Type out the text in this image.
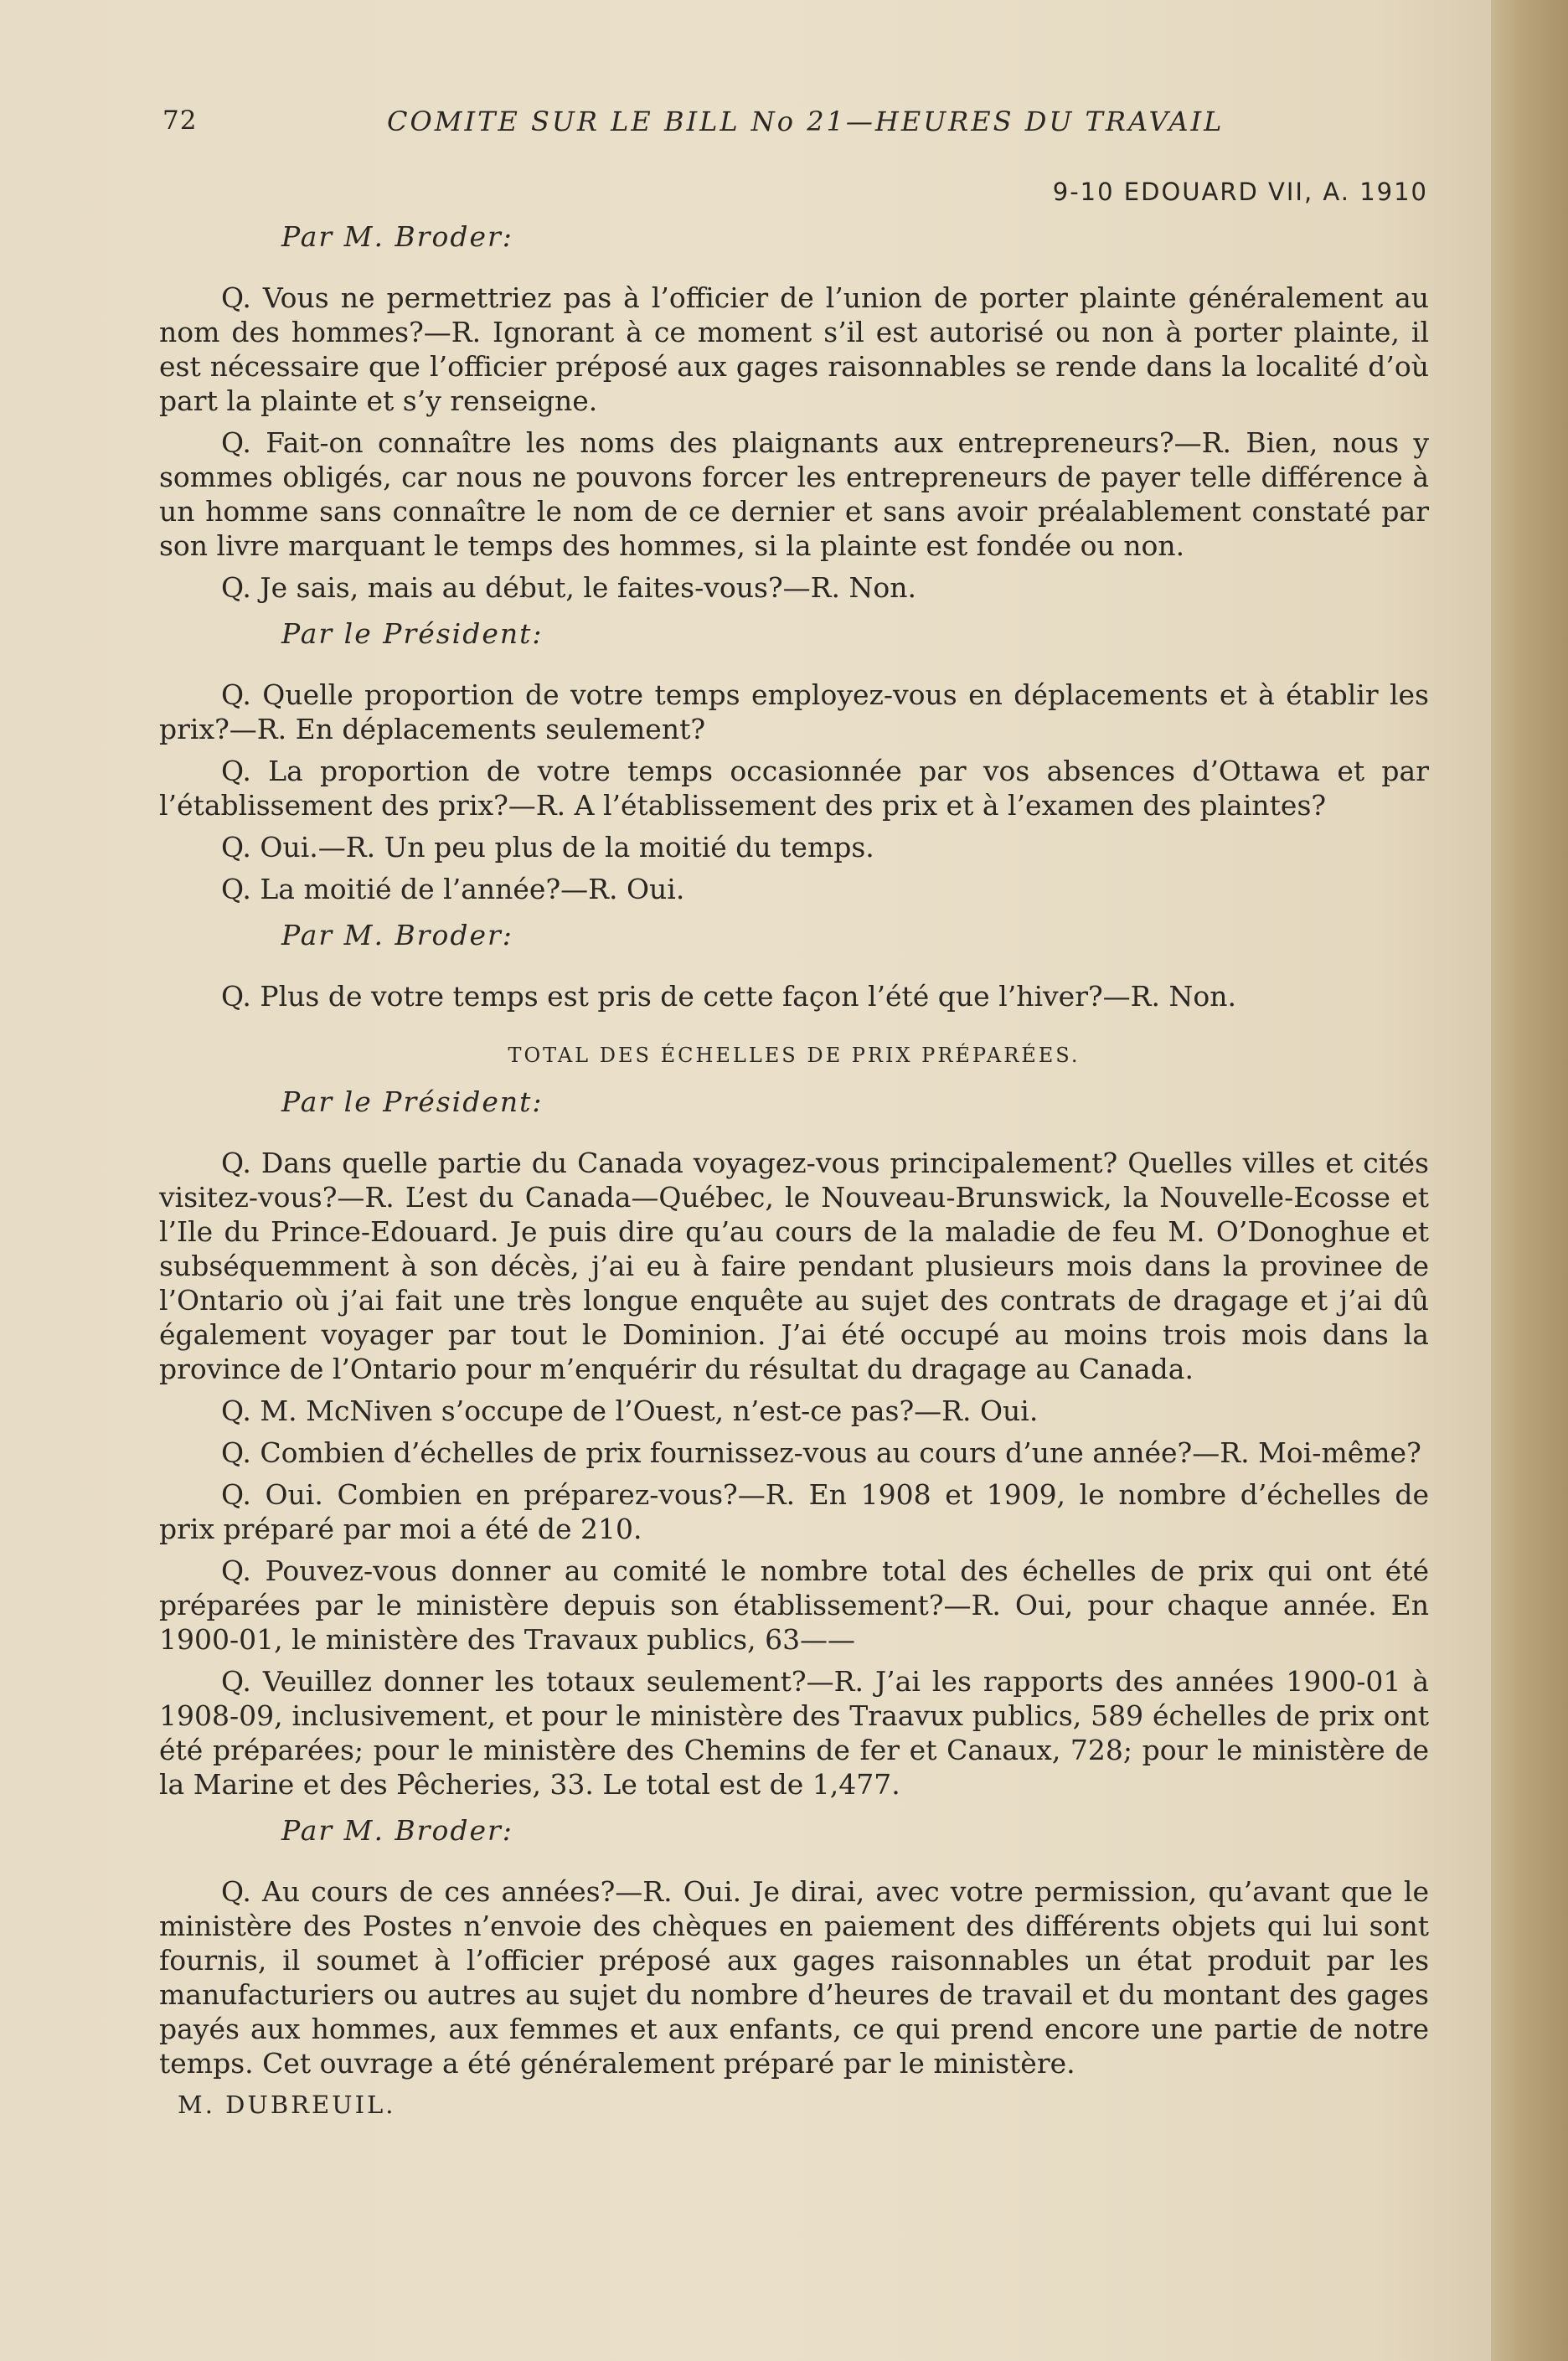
72	COMITE SUR LE BILL No 21—HEURES DU TRAVAIL
9-10 EDOUARD VII, A. 1910
Par M. Broder:

Q. Vous ne permettriez pas à l’officier de l’union de porter plainte généralement au nom des hommes?—R. Ignorant à ce moment s’il est autorisé ou non à porter plainte, il est nécessaire que l’officier préposé aux gages raisonnables se rende dans la localité d’où part la plainte et s’y renseigne.

Q. Fait-on connaître les noms des plaignants aux entrepreneurs?—R. Bien, nous y sommes obligés, car nous ne pouvons forcer les entrepreneurs de payer telle différence à un homme sans connaître le nom de ce dernier et sans avoir préalablement constaté par son livre marquant le temps des hommes, si la plainte est fondée ou non.

Q. Je sais, mais au début, le faites-vous?—R. Non.

Par le Président:

Q. Quelle proportion de votre temps employez-vous en déplacements et à établir les prix?—R. En déplacements seulement?

Q. La proportion de votre temps occasionnée par vos absences d’Ottawa et par l’établissement des prix?—R. A l’établissement des prix et à l’examen des plaintes?

Q. Oui.—R. Un peu plus de la moitié du temps.

Q. La moitié de l’année?—R. Oui.

Par M. Broder:

Q. Plus de votre temps est pris de cette façon l’été que l’hiver?—R. Non.

TOTAL DES ÉCHELLES DE PRIX PRÉPARÉES.
Par le Président:

Q. Dans quelle partie du Canada voyagez-vous principalement? Quelles villes et cités visitez-vous?—R. L’est du Canada—Québec, le Nouveau-Brunswick, la Nouvelle-Ecosse et l’Ile du Prince-Edouard. Je puis dire qu’au cours de la maladie de feu M. O’Donoghue et subséquemment à son décès, j’ai eu à faire pendant plusieurs mois dans la provinee de l’Ontario où j’ai fait une très longue enquête au sujet des contrats de dragage et j’ai dû également voyager par tout le Dominion. J’ai été occupé au moins trois mois dans la province de l’Ontario pour m’enquérir du résultat du dragage au Canada.

Q. M. McNiven s’occupe de l’Ouest, n’est-ce pas?—R. Oui.

Q. Combien d’échelles de prix fournissez-vous au cours d’une année?—R. Moi-même?

Q. Oui. Combien en préparez-vous?—R. En 1908 et 1909, le nombre d’échelles de prix préparé par moi a été de 210.

Q. Pouvez-vous donner au comité le nombre total des échelles de prix qui ont été préparées par le ministère depuis son établissement?—R. Oui, pour chaque année. En 1900-01, le ministère des Travaux publics, 63——

Q. Veuillez donner les totaux seulement?—R. J’ai les rapports des années 1900-01 à 1908-09, inclusivement, et pour le ministère des Traavux publics, 589 échelles de prix ont été préparées; pour le ministère des Chemins de fer et Canaux, 728; pour le ministère de la Marine et des Pêcheries, 33. Le total est de 1,477.

Par M. Broder:

Q. Au cours de ces années?—R. Oui. Je dirai, avec votre permission, qu’avant que le ministère des Postes n’envoie des chèques en paiement des différents objets qui lui sont fournis, il soumet à l’officier préposé aux gages raisonnables un état produit par les manufacturiers ou autres au sujet du nombre d’heures de travail et du montant des gages payés aux hommes, aux femmes et aux enfants, ce qui prend encore une partie de notre temps. Cet ouvrage a été généralement préparé par le ministère.

M. DUBREUIL.
